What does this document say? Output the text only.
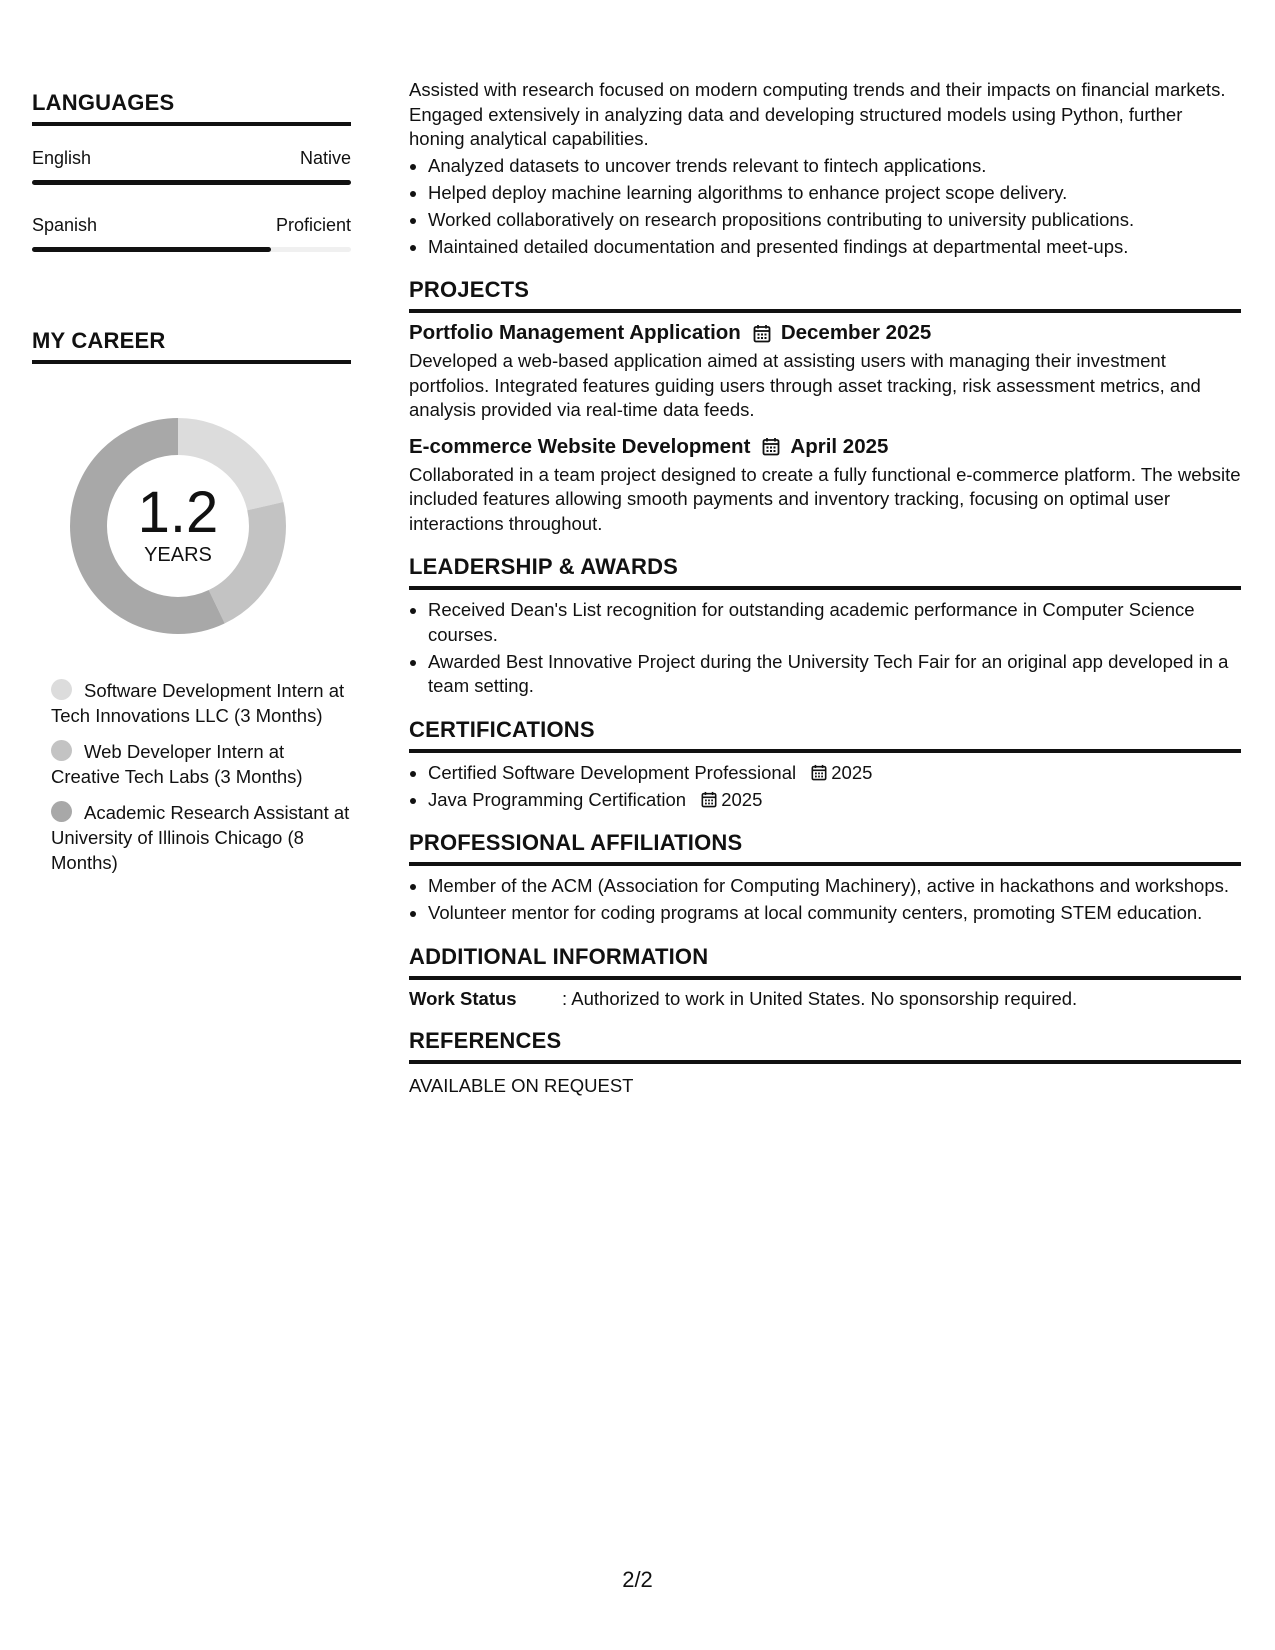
LANGUAGES
English	Native
Spanish	Proficient
MY CAREER
1.2
YEARS
Software Development Intern at Tech Innovations LLC (3 Months)
Web Developer Intern at Creative Tech Labs (3 Months)
Academic Research Assistant at University of Illinois Chicago (8 Months)

Assisted with research focused on modern computing trends and their impacts on financial markets. Engaged extensively in analyzing data and developing structured models using Python, further honing analytical capabilities.

• Analyzed datasets to uncover trends relevant to fintech applications.
• Helped deploy machine learning algorithms to enhance project scope delivery.
• Worked collaboratively on research propositions contributing to university publications.
• Maintained detailed documentation and presented findings at departmental meet-ups.
PROJECTS
Portfolio Management Application December 2025

Developed a web-based application aimed at assisting users with managing their investment portfolios. Integrated features guiding users through asset tracking, risk assessment metrics, and analysis provided via real-time data feeds.

E-commerce Website Development April 2025

Collaborated in a team project designed to create a fully functional e-commerce platform. The website included features allowing smooth payments and inventory tracking, focusing on optimal user interactions throughout.

LEADERSHIP & AWARDS
• Received Dean's List recognition for outstanding academic performance in Computer Science courses.
• Awarded Best Innovative Project during the University Tech Fair for an original app developed in a team setting.
CERTIFICATIONS
• Certified Software Development Professional 2025
• Java Programming Certification 2025
PROFESSIONAL AFFILIATIONS
• Member of the ACM (Association for Computing Machinery), active in hackathons and workshops.
• Volunteer mentor for coding programs at local community centers, promoting STEM education.
ADDITIONAL INFORMATION
Work Status	: Authorized to work in United States. No sponsorship required.
REFERENCES

AVAILABLE ON REQUEST

2/2
